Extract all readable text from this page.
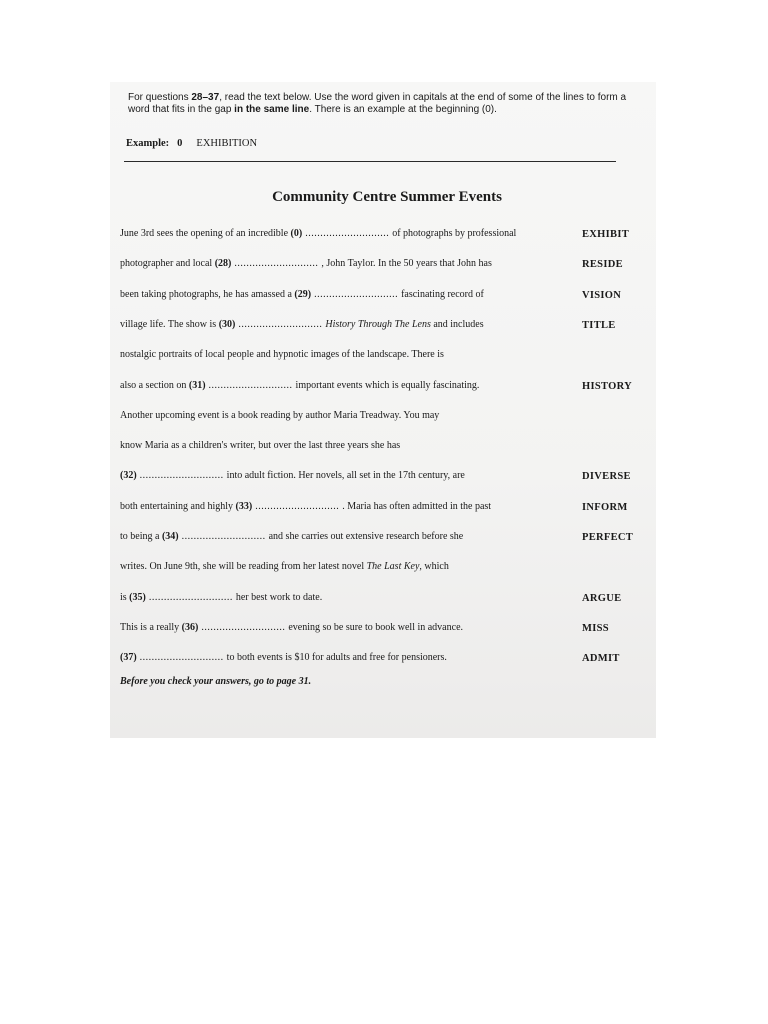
For questions 28–37, read the text below. Use the word given in capitals at the end of some of the lines to form a word that fits in the gap in the same line. There is an example at the beginning (0).
Example: 0 EXHIBITION
Community Centre Summer Events
June 3rd sees the opening of an incredible (0) ............................ of photographs by professional	EXHIBIT
photographer and local (28) ............................ , John Taylor. In the 50 years that John has	RESIDE
been taking photographs, he has amassed a (29) ............................ fascinating record of	VISION
village life. The show is (30) ............................ History Through The Lens and includes	TITLE
nostalgic portraits of local people and hypnotic images of the landscape. There is
also a section on (31) ............................ important events which is equally fascinating.	HISTORY
Another upcoming event is a book reading by author Maria Treadway. You may
know Maria as a children's writer, but over the last three years she has
(32) ............................ into adult fiction. Her novels, all set in the 17th century, are	DIVERSE
both entertaining and highly (33) ............................ . Maria has often admitted in the past	INFORM
to being a (34) ............................ and she carries out extensive research before she	PERFECT
writes. On June 9th, she will be reading from her latest novel The Last Key, which
is (35) ............................ her best work to date.	ARGUE
This is a really (36) ............................ evening so be sure to book well in advance.	MISS
(37) ............................ to both events is $10 for adults and free for pensioners.	ADMIT
Before you check your answers, go to page 31.
